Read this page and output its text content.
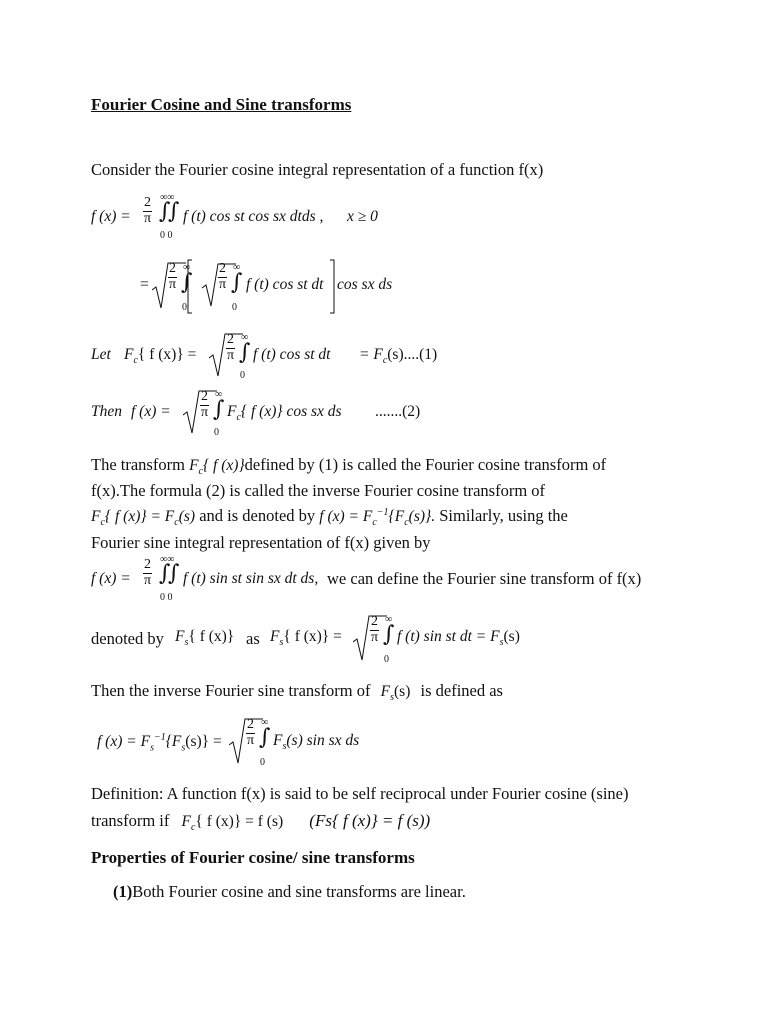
Fourier Cosine and Sine transforms
Consider the Fourier cosine integral representation of a function f(x)
f $(x) = \frac{2}{\pi}$ ∞∞
∫
∫
0 0
f (t) cos st cos sx dtds , x ≥ 0
= $\frac{2}{\pi}$ ∫
∞
0
$\frac{2}{\pi}$ ∫
∞
0
f (t) cos st dt cos sx ds
Let $F_c${ f $(x)\} = \frac{2}{\pi}$ ∫
∞
0
f (t) cos st dt = $F_c(s)....(1)$
Then f $(x) = \frac{2}{\pi}$ ∫
∞
0
$F_c${ f (x)} cos sx ds .......(2)
The transform $F_c${ f (x)}defined by (1) is called the Fourier cosine transform of
f(x).The formula (2) is called the inverse Fourier cosine transform of
$F_c${ f $(x)\} = F_c(s)$ and is denoted by f $(x) = F_c^{-1}\{F_c(s)\}$. Similarly, using the
Fourier sine integral representation of f(x) given by
f $(x) = \frac{2}{\pi}$ ∞∞
∫
∫
0 0
f (t) sin st sin sx dt ds, we can define the Fourier sine transform of f(x)
denoted by $F_s${ f (x)} as $F_s${ f $(x)\} = \frac{2}{\pi}$ ∫
∞
0
f (t) sin st dt = $F_s(s)$
Then the inverse Fourier sine transform of $F_s(s)$ is defined as
f $(x) = F_s^{-1}\{F_s(s)\} = \frac{2}{\pi}$ ∫
∞
0
$F_s(s)$ sin sx ds
Definition: A function f(x) is said to be self reciprocal under Fourier cosine (sine)
transform if $F_c${ f (x)} = f (s) (Fs{ f (x)} = f (s))
Properties of Fourier cosine/ sine transforms
(1)Both Fourier cosine and sine transforms are linear.
